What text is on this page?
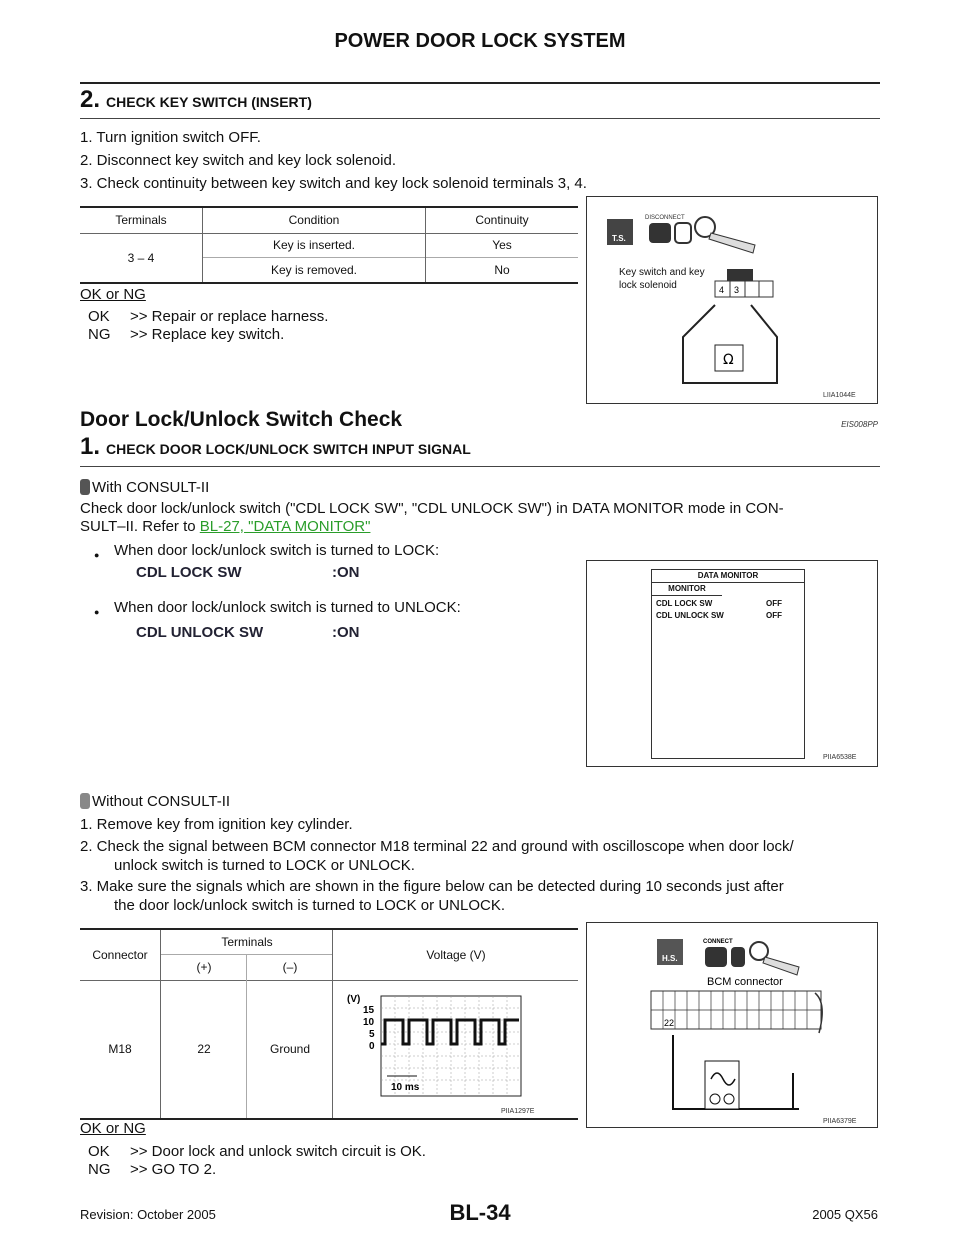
POWER DOOR LOCK SYSTEM
2. CHECK KEY SWITCH (INSERT)
1. Turn ignition switch OFF.
2. Disconnect key switch and key lock solenoid.
3. Check continuity between key switch and key lock solenoid terminals 3, 4.
Terminals	Condition	Continuity
3 – 4	Key is inserted.	Yes
	Key is removed.	No
OK or NG
OK >> Repair or replace harness.
NG >> Replace key switch.
T.S.
DISCONNECT
Key switch and key
lock solenoid	4 3
Ω
LIIA1044E
Door Lock/Unlock Switch Check	EIS008PP
1. CHECK DOOR LOCK/UNLOCK SWITCH INPUT SIGNAL
With CONSULT-II
Check door lock/unlock switch ("CDL LOCK SW", "CDL UNLOCK SW") in DATA MONITOR mode in CON-
SULT–II. Refer to BL-27, "DATA MONITOR"
● When door lock/unlock switch is turned to LOCK:
CDL LOCK SW	:ON
● When door lock/unlock switch is turned to UNLOCK:
CDL UNLOCK SW	:ON
DATA MONITOR
MONITOR
CDL LOCK SW	OFF
CDL UNLOCK SW	OFF
PIIA6538E
Without CONSULT-II
1. Remove key from ignition key cylinder.
2. Check the signal between BCM connector M18 terminal 22 and ground with oscilloscope when door lock/
unlock switch is turned to LOCK or UNLOCK.
3. Make sure the signals which are shown in the figure below can be detected during 10 seconds just after
the door lock/unlock switch is turned to LOCK or UNLOCK.
Connector
Terminals
(+)	(–)
Voltage (V)
M18	22	Ground
(V)
15
10
5
0
10 ms
PIIA1297E
H.S.
CONNECT
BCM connector
22
PIIA6379E
OK or NG
OK >> Door lock and unlock switch circuit is OK.
NG >> GO TO 2.
BL-34
Revision: October 2005	2005 QX56
